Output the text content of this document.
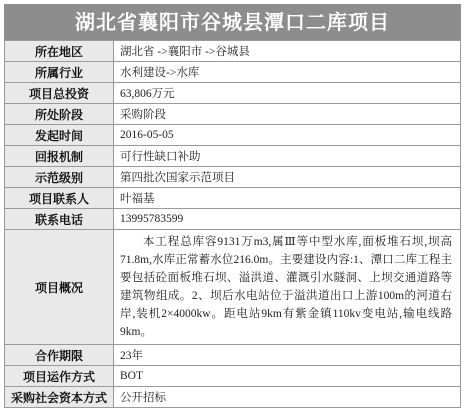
湖北省襄阳市谷城县潭口二库项目
所在地区	湖北省 ->襄阳市 ->谷城县
所属行业	水利建设->水库
项目总投资	63,806万元
所处阶段	采购阶段
发起时间	2016-05-05
回报机制	可行性缺口补助
示范级别	第四批次国家示范项目
项目联系人	叶福基
联系电话	13995783599
项目概况	本工程总库容9131万m3,属Ⅲ等中型水库,面板堆石坝,坝高71.8m,水库正常蓄水位216.0m。主要建设内容:1、潭口二库工程主要包括砼面板堆石坝、溢洪道、灌溉引水隧洞、上坝交通道路等建筑物组成。2、坝后水电站位于溢洪道出口上游100m的河道右岸,装机2×4000kw。距电站9km有紫金镇110kv变电站,输电线路9km。
合作期限	23年
项目运作方式	BOT
采购社会资本方式	公开招标
